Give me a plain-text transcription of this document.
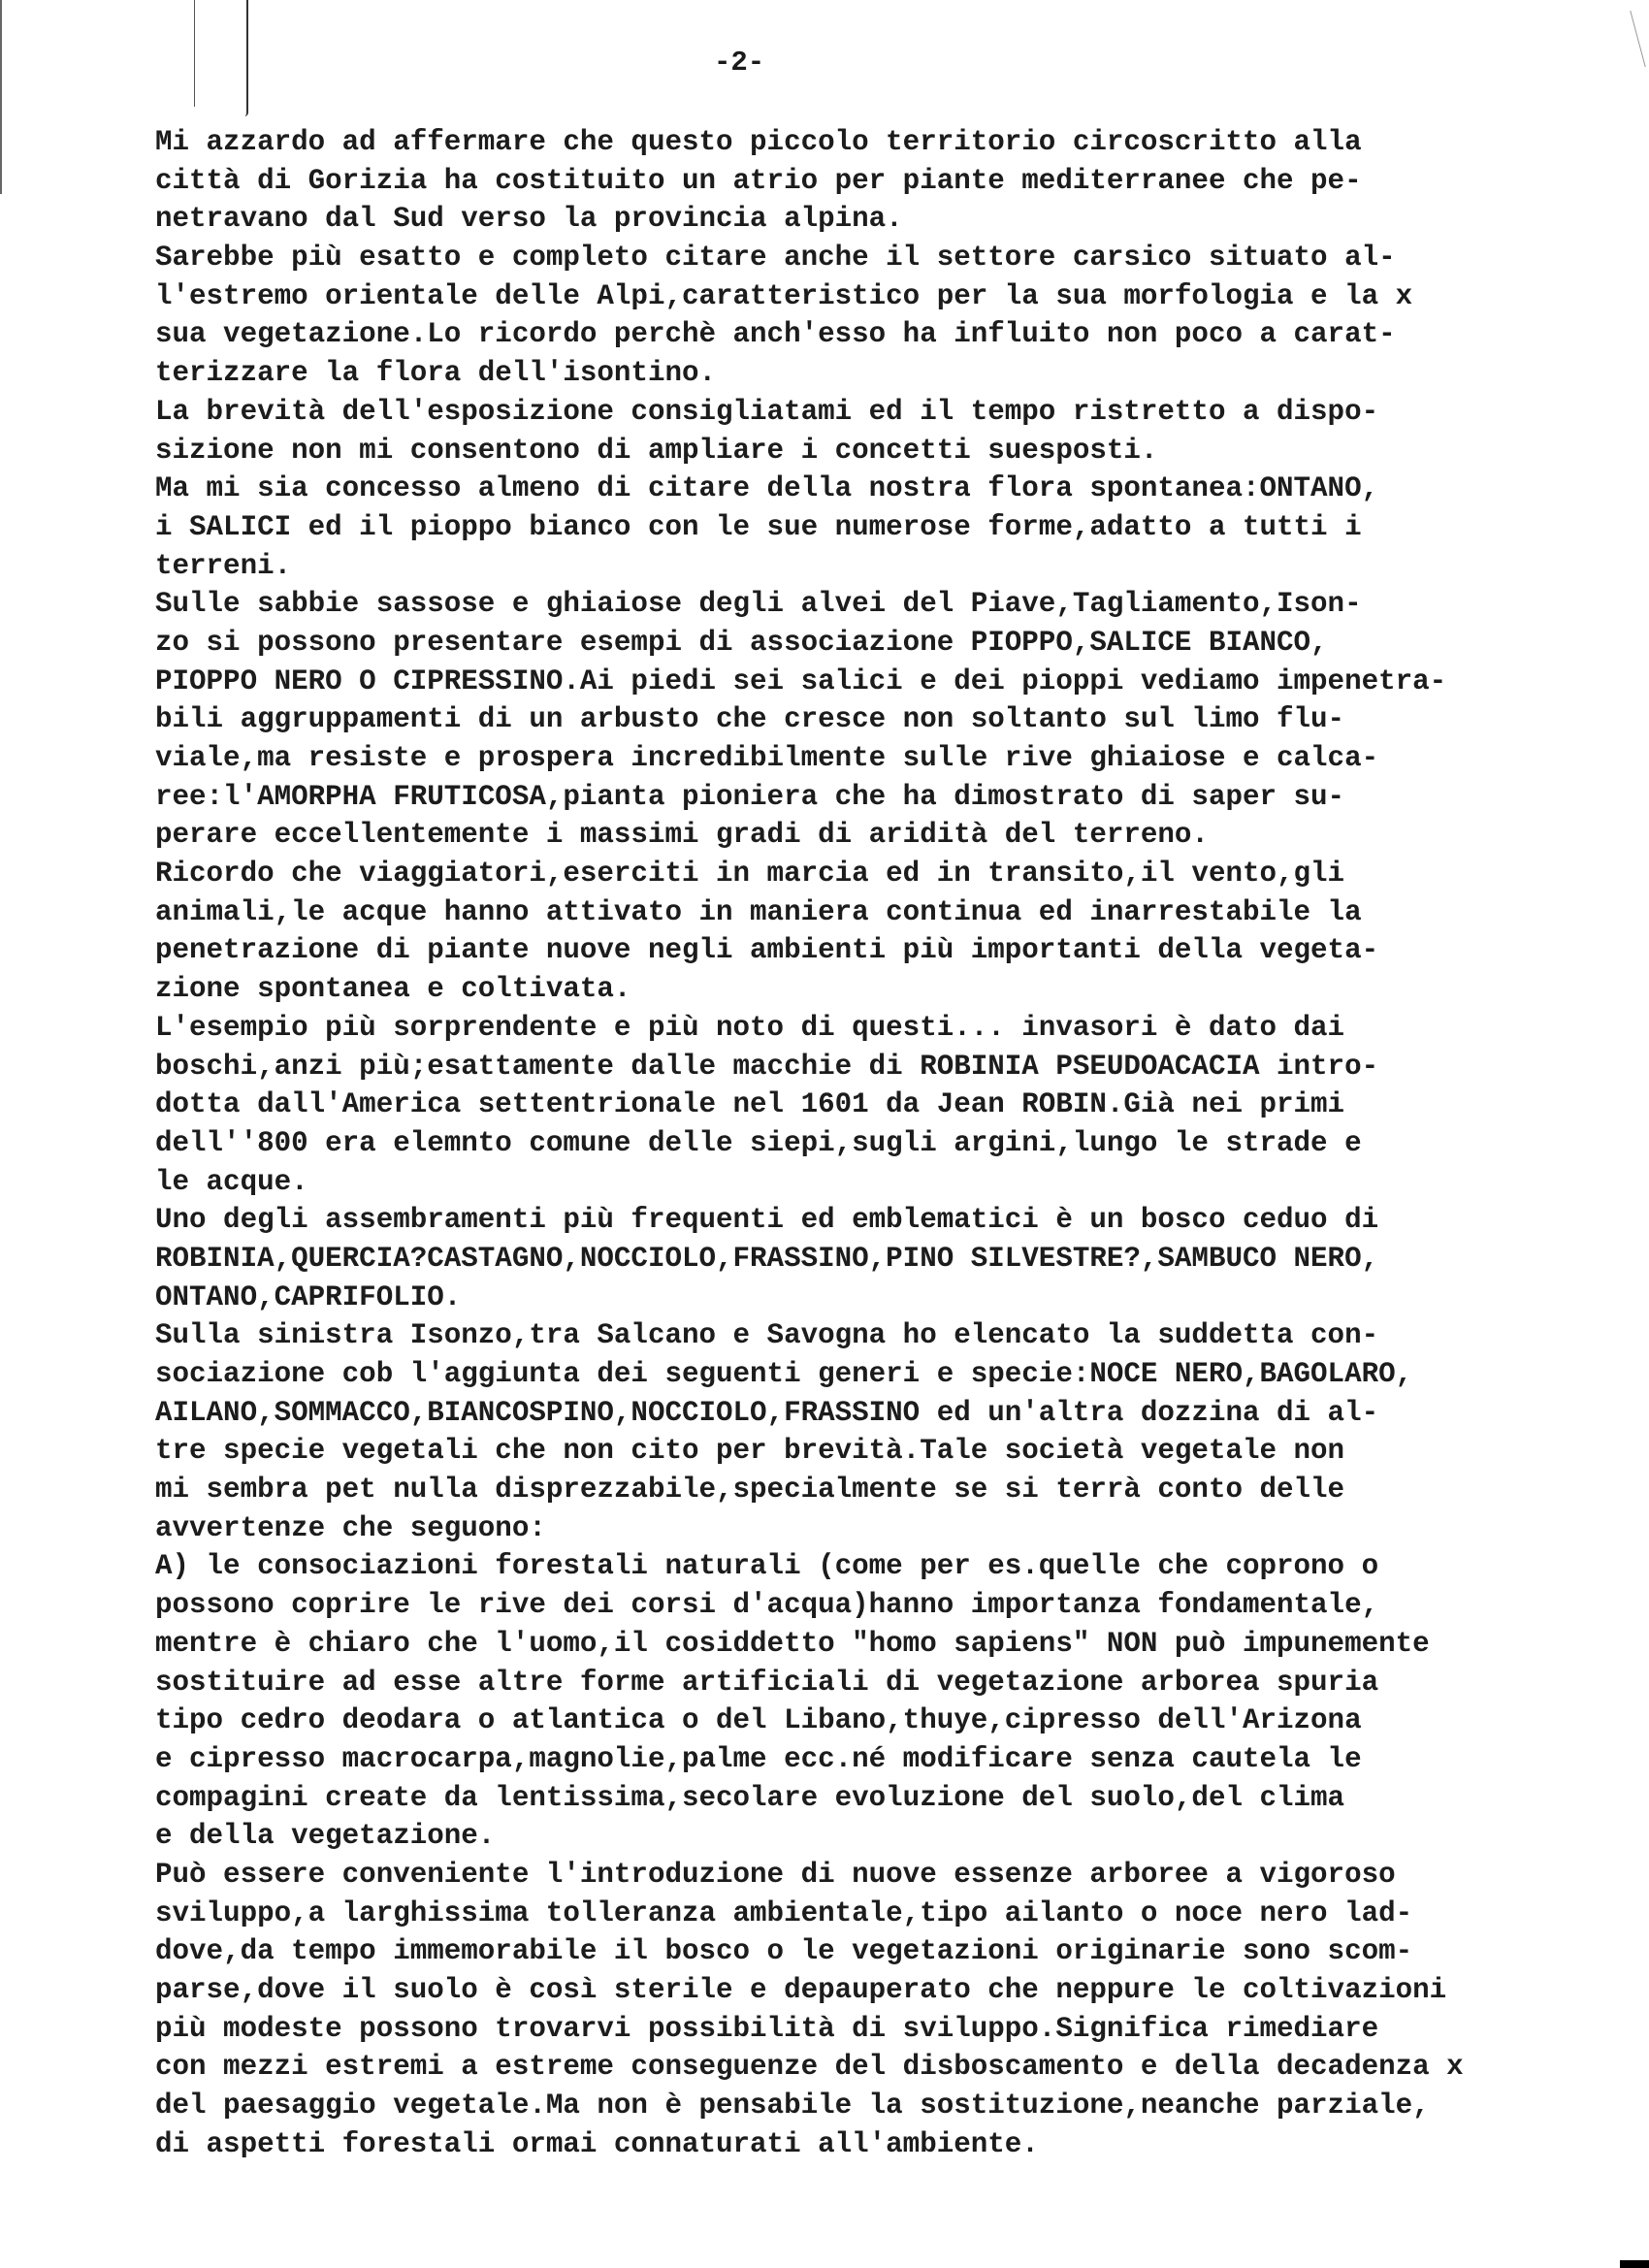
-2-
Mi azzardo ad affermare che questo piccolo territorio circoscritto alla
città di Gorizia ha costituito un atrio per piante mediterranee che pe-
netravano dal Sud verso la provincia alpina.
Sarebbe più esatto e completo citare anche il settore carsico situato al-
l'estremo orientale delle Alpi,caratteristico per la sua morfologia e la x
sua vegetazione.Lo ricordo perchè anch'esso ha influito non poco a carat-
terizzare la flora dell'isontino.
La brevità dell'esposizione consigliatami ed il tempo ristretto a dispo-
sizione non mi consentono di ampliare i concetti suesposti.
Ma mi sia concesso almeno di citare della nostra flora spontanea:ONTANO,
i SALICI ed il pioppo bianco con le sue numerose forme,adatto a tutti i
terreni.
Sulle sabbie sassose e ghiaiose degli alvei del Piave,Tagliamento,Ison-
zo si possono presentare esempi di associazione PIOPPO,SALICE BIANCO,
PIOPPO NERO O CIPRESSINO.Ai piedi sei salici e dei pioppi vediamo impenetra-
bili aggruppamenti di un arbusto che cresce non soltanto sul limo flu-
viale,ma resiste e prospera incredibilmente sulle rive ghiaiose e calca-
ree:l'AMORPHA FRUTICOSA,pianta pioniera che ha dimostrato di saper su-
perare eccellentemente i massimi gradi di aridità del terreno.
Ricordo che viaggiatori,eserciti in marcia ed in transito,il vento,gli
animali,le acque hanno attivato in maniera continua ed inarrestabile la
penetrazione di piante nuove negli ambienti più importanti della vegeta-
zione spontanea e coltivata.
L'esempio più sorprendente e più noto di questi... invasori è dato dai
boschi,anzi più;esattamente dalle macchie di ROBINIA PSEUDOACACIA intro-
dotta dall'America settentrionale nel 1601 da Jean ROBIN.Già nei primi
dell''800 era elemnto comune delle siepi,sugli argini,lungo le strade e
le acque.
Uno degli assembramenti più frequenti ed emblematici è un bosco ceduo di
ROBINIA,QUERCIA?CASTAGNO,NOCCIOLO,FRASSINO,PINO SILVESTRE?,SAMBUCO NERO,
ONTANO,CAPRIFOLIO.
Sulla sinistra Isonzo,tra Salcano e Savogna ho elencato la suddetta con-
sociazione cob l'aggiunta dei seguenti generi e specie:NOCE NERO,BAGOLARO,
AILANO,SOMMACCO,BIANCOSPINO,NOCCIOLO,FRASSINO ed un'altra dozzina di al-
tre specie vegetali che non cito per brevità.Tale società vegetale non
mi sembra pet nulla disprezzabile,specialmente se si terrà conto delle
avvertenze che seguono:
A) le consociazioni forestali naturali (come per es.quelle che coprono o
possono coprire le rive dei corsi d'acqua)hanno importanza fondamentale,
mentre è chiaro che l'uomo,il cosiddetto "homo sapiens" NON può impunemente
sostituire ad esse altre forme artificiali di vegetazione arborea spuria
tipo cedro deodara o atlantica o del Libano,thuye,cipresso dell'Arizona
e cipresso macrocarpa,magnolie,palme ecc.né modificare senza cautela le
compagini create da lentissima,secolare evoluzione del suolo,del clima
e della vegetazione.
Può essere conveniente l'introduzione di nuove essenze arboree a vigoroso
sviluppo,a larghissima tolleranza ambientale,tipo ailanto o noce nero lad-
dove,da tempo immemorabile il bosco o le vegetazioni originarie sono scom-
parse,dove il suolo è così sterile e depauperato che neppure le coltivazioni
più modeste possono trovarvi possibilità di sviluppo.Significa rimediare
con mezzi estremi a estreme conseguenze del disboscamento e della decadenza x
del paesaggio vegetale.Ma non è pensabile la sostituzione,neanche parziale,
di aspetti forestali ormai connaturati all'ambiente.
